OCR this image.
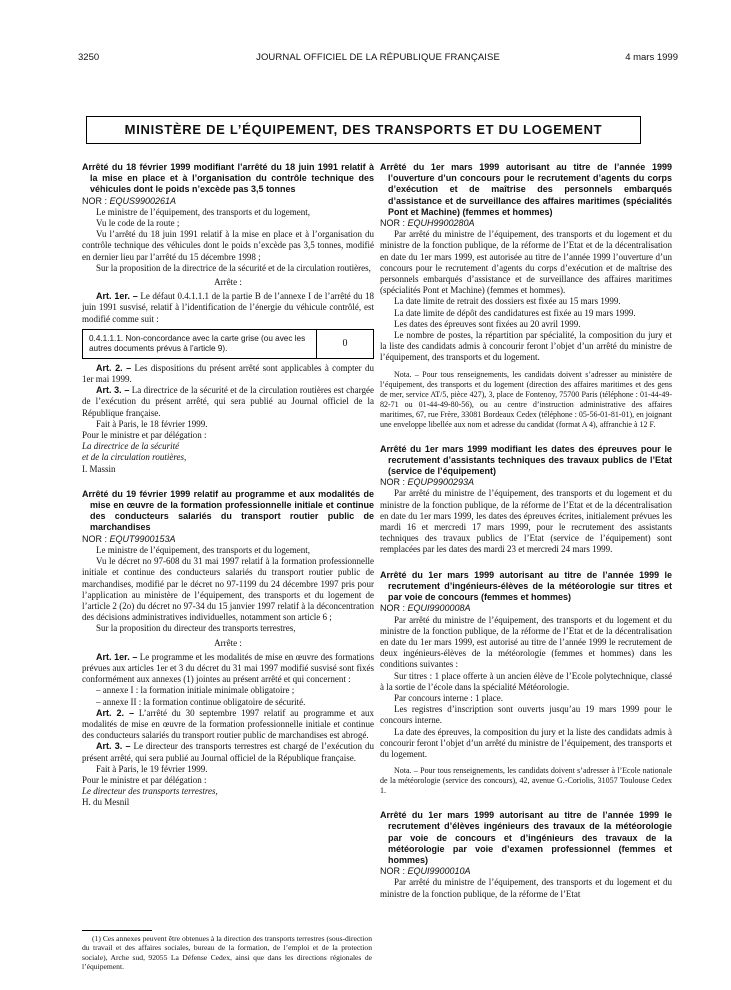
3250	JOURNAL OFFICIEL DE LA RÉPUBLIQUE FRANÇAISE	4 mars 1999
MINISTÈRE DE L’ÉQUIPEMENT, DES TRANSPORTS ET DU LOGEMENT

Arrêté du 18 février 1999 modifiant l’arrêté du 18 juin 1991 relatif à la mise en place et à l’organisation du contrôle technique des véhicules dont le poids n’excède pas 3,5 tonnes

NOR : EQUS9900261A

Le ministre de l’équipement, des transports et du logement,

Vu le code de la route ;

Vu l’arrêté du 18 juin 1991 relatif à la mise en place et à l’organisation du contrôle technique des véhicules dont le poids n’excède pas 3,5 tonnes, modifié en dernier lieu par l’arrêté du 15 décembre 1998 ;

Sur la proposition de la directrice de la sécurité et de la circulation routières,

Arrête :

Art. 1er. – Le défaut 0.4.1.1.1 de la partie B de l’annexe I de l’arrêté du 18 juin 1991 susvisé, relatif à l’identification de l’énergie du véhicule contrôlé, est modifié comme suit :

0.4.1.1.1. Non-concordance avec la carte grise (ou avec les autres documents prévus à l’article 9).	0

Art. 2. – Les dispositions du présent arrêté sont applicables à compter du 1er mai 1999.

Art. 3. – La directrice de la sécurité et de la circulation routières est chargée de l’exécution du présent arrêté, qui sera publié au Journal officiel de la République française.

Fait à Paris, le 18 février 1999.

Pour le ministre et par délégation :

La directrice de la sécurité

et de la circulation routières,

I. Massin

Arrêté du 19 février 1999 relatif au programme et aux modalités de mise en œuvre de la formation professionnelle initiale et continue des conducteurs salariés du transport routier public de marchandises

NOR : EQUT9900153A

Le ministre de l’équipement, des transports et du logement,

Vu le décret no 97-608 du 31 mai 1997 relatif à la formation professionnelle initiale et continue des conducteurs salariés du transport routier public de marchandises, modifié par le décret no 97-1199 du 24 décembre 1997 pris pour l’application au ministère de l’équipement, des transports et du logement de l’article 2 (2o) du décret no 97-34 du 15 janvier 1997 relatif à la déconcentration des décisions administratives individuelles, notamment son article 6 ;

Sur la proposition du directeur des transports terrestres,

Arrête :

Art. 1er. – Le programme et les modalités de mise en œuvre des formations prévues aux articles 1er et 3 du décret du 31 mai 1997 modifié susvisé sont fixés conformément aux annexes (1) jointes au présent arrêté et qui concernent :

– annexe I : la formation initiale minimale obligatoire ;

– annexe II : la formation continue obligatoire de sécurité.

Art. 2. – L’arrêté du 30 septembre 1997 relatif au programme et aux modalités de mise en œuvre de la formation professionnelle initiale et continue des conducteurs salariés du transport routier public de marchandises est abrogé.

Art. 3. – Le directeur des transports terrestres est chargé de l’exécution du présent arrêté, qui sera publié au Journal officiel de la République française.

Fait à Paris, le 19 février 1999.

Pour le ministre et par délégation :

Le directeur des transports terrestres,

H. du Mesnil

(1) Ces annexes peuvent être obtenues à la direction des transports terrestres (sous-direction du travail et des affaires sociales, bureau de la formation, de l’emploi et de la protection sociale), Arche sud, 92055 La Défense Cedex, ainsi que dans les directions régionales de l’équipement.

Arrêté du 1er mars 1999 autorisant au titre de l’année 1999 l’ouverture d’un concours pour le recrutement d’agents du corps d’exécution et de maîtrise des personnels embarqués d’assistance et de surveillance des affaires maritimes (spécialités Pont et Machine) (femmes et hommes)

NOR : EQUH9900280A

Par arrêté du ministre de l’équipement, des transports et du logement et du ministre de la fonction publique, de la réforme de l’Etat et de la décentralisation en date du 1er mars 1999, est autorisée au titre de l’année 1999 l’ouverture d’un concours pour le recrutement d’agents du corps d’exécution et de maîtrise des personnels embarqués d’assistance et de surveillance des affaires maritimes (spécialités Pont et Machine) (femmes et hommes).

La date limite de retrait des dossiers est fixée au 15 mars 1999.

La date limite de dépôt des candidatures est fixée au 19 mars 1999.

Les dates des épreuves sont fixées au 20 avril 1999.

Le nombre de postes, la répartition par spécialité, la composition du jury et la liste des candidats admis à concourir feront l’objet d’un arrêté du ministre de l’équipement, des transports et du logement.

Nota. – Pour tous renseignements, les candidats doivent s’adresser au ministère de l’équipement, des transports et du logement (direction des affaires maritimes et des gens de mer, service AT/5, pièce 427), 3, place de Fontenoy, 75700 Paris (téléphone : 01-44-49-82-71 ou 01-44-49-80-56), ou au centre d’instruction administrative des affaires maritimes, 67, rue Frère, 33081 Bordeaux Cedex (téléphone : 05-56-01-81-01), en joignant une enveloppe libellée aux nom et adresse du candidat (format A 4), affranchie à 12 F.

Arrêté du 1er mars 1999 modifiant les dates des épreuves pour le recrutement d’assistants techniques des travaux publics de l’Etat (service de l’équipement)

NOR : EQUP9900293A

Par arrêté du ministre de l’équipement, des transports et du logement et du ministre de la fonction publique, de la réforme de l’Etat et de la décentralisation en date du 1er mars 1999, les dates des épreuves écrites, initialement prévues les mardi 16 et mercredi 17 mars 1999, pour le recrutement des assistants techniques des travaux publics de l’Etat (service de l’équipement) sont remplacées par les dates des mardi 23 et mercredi 24 mars 1999.

Arrêté du 1er mars 1999 autorisant au titre de l’année 1999 le recrutement d’ingénieurs-élèves de la météorologie sur titres et par voie de concours (femmes et hommes)

NOR : EQUI9900008A

Par arrêté du ministre de l’équipement, des transports et du logement et du ministre de la fonction publique, de la réforme de l’Etat et de la décentralisation en date du 1er mars 1999, est autorisé au titre de l’année 1999 le recrutement de deux ingénieurs-élèves de la météorologie (femmes et hommes) dans les conditions suivantes :

Sur titres : 1 place offerte à un ancien élève de l’Ecole polytechnique, classé à la sortie de l’école dans la spécialité Météorologie.

Par concours interne : 1 place.

Les registres d’inscription sont ouverts jusqu’au 19 mars 1999 pour le concours interne.

La date des épreuves, la composition du jury et la liste des candidats admis à concourir feront l’objet d’un arrêté du ministre de l’équipement, des transports et du logement.

Nota. – Pour tous renseignements, les candidats doivent s’adresser à l’Ecole nationale de la météorologie (service des concours), 42, avenue G.-Coriolis, 31057 Toulouse Cedex 1.

Arrêté du 1er mars 1999 autorisant au titre de l’année 1999 le recrutement d’élèves ingénieurs des travaux de la météorologie par voie de concours et d’ingénieurs des travaux de la météorologie par voie d’examen professionnel (femmes et hommes)

NOR : EQUI9900010A

Par arrêté du ministre de l’équipement, des transports et du logement et du ministre de la fonction publique, de la réforme de l’Etat
